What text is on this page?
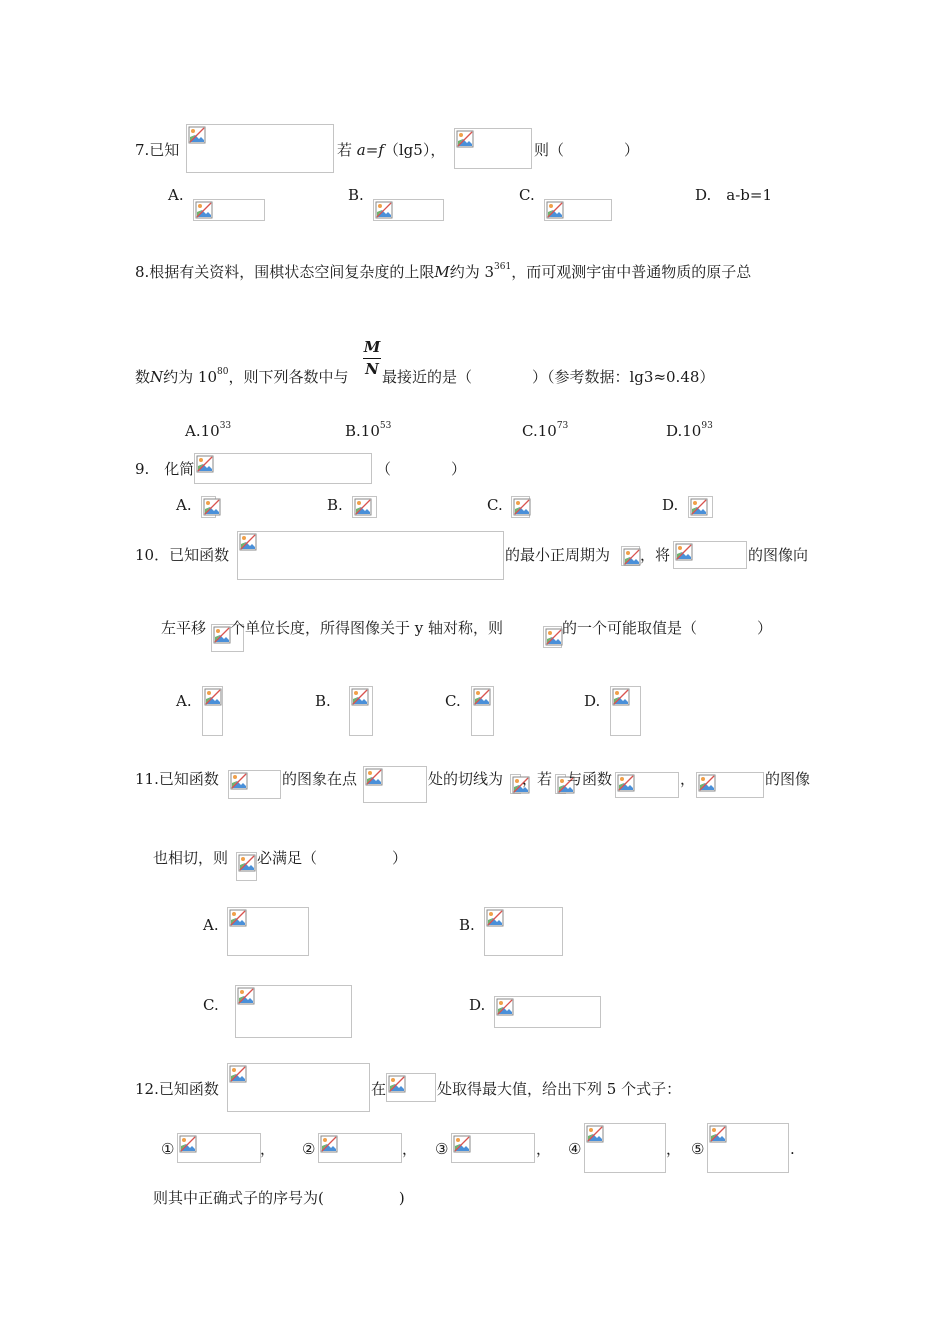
7.已知	若 a=f（lg5），	则（　　　　）
A.	B.	C.	D.　a-b=1
8.根据有关资料，围棋状态空间复杂度的上限M约为 $3^{361}$，而可观测宇宙中普通物质的原子总
M
N
数N约为 $10^{80}$，则下列各数中与 最接近的是（　　　　）（参考数据：lg3≈0.48）
$A.10^{33}$	$B.10^{53}$	$C.10^{73}$	$D.10^{93}$
9.　化简	（　　　　）
A.	B.	C.	D.
10．已知函数	的最小正周期为 ，将	的图像向
左平移 个单位长度，所得图像关于 y 轴对称，则	的一个可能取值是（　　　　）
A.	B.	C.	D.
11.已知函数	的图象在点	处的切线为 ，若 与函数	，	的图像
也相切，则 必满足（　　　　　）
A.	B.
C.	D.
12.已知函数	在	处取得最大值，给出下列 5 个式子：
①	， ②	， ③	， ④	， ⑤	.
则其中正确式子的序号为(　　　　　)
